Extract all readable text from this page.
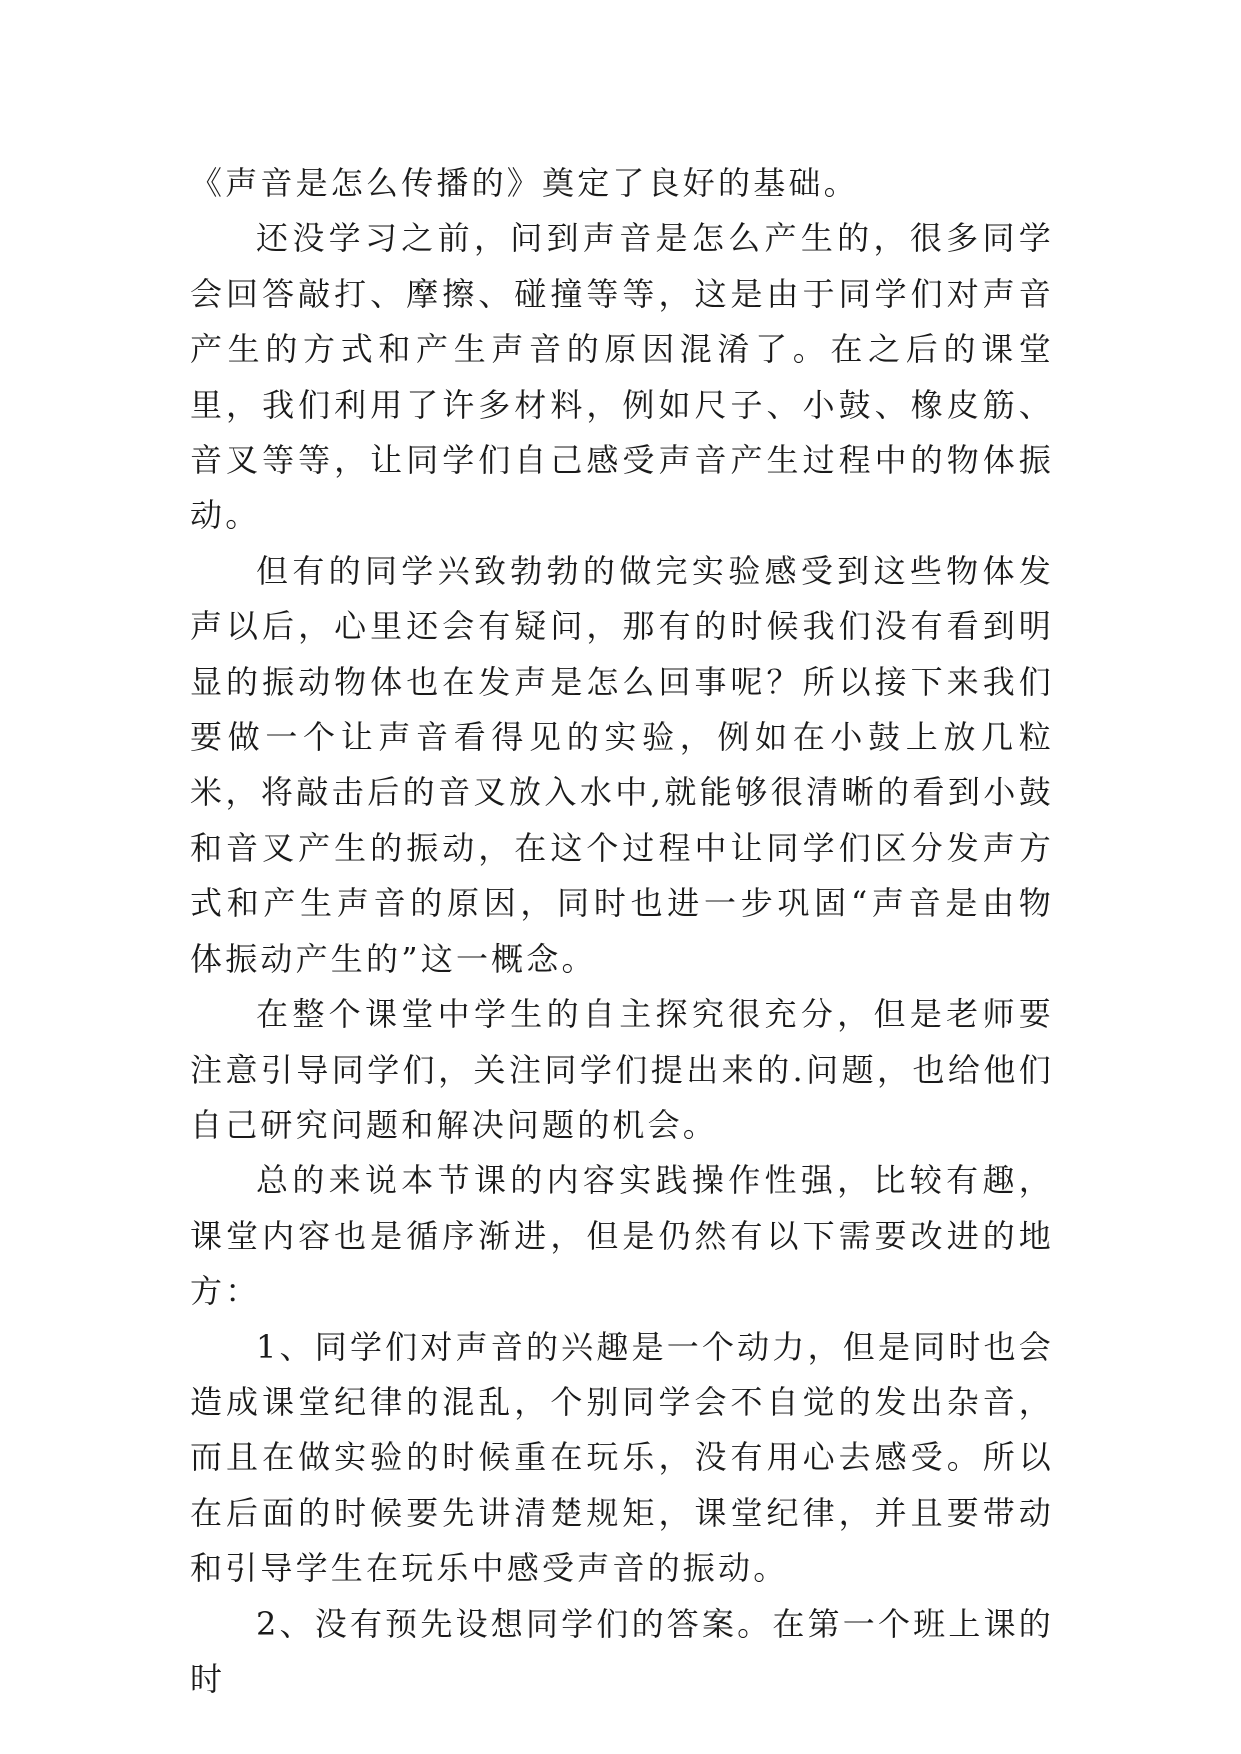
《声音是怎么传播的》奠定了良好的基础。

还没学习之前，问到声音是怎么产生的，很多同学会回答敲打、摩擦、碰撞等等，这是由于同学们对声音产生的方式和产生声音的原因混淆了。在之后的课堂里，我们利用了许多材料，例如尺子、小鼓、橡皮筋、音叉等等，让同学们自己感受声音产生过程中的物体振动。

但有的同学兴致勃勃的做完实验感受到这些物体发声以后，心里还会有疑问，那有的时候我们没有看到明显的振动物体也在发声是怎么回事呢？所以接下来我们要做一个让声音看得见的实验，例如在小鼓上放几粒米，将敲击后的音叉放入水中,就能够很清晰的看到小鼓和音叉产生的振动，在这个过程中让同学们区分发声方式和产生声音的原因，同时也进一步巩固“声音是由物体振动产生的”这一概念。

在整个课堂中学生的自主探究很充分，但是老师要注意引导同学们，关注同学们提出来的.问题，也给他们自己研究问题和解决问题的机会。

总的来说本节课的内容实践操作性强，比较有趣，课堂内容也是循序渐进，但是仍然有以下需要改进的地方：

1、同学们对声音的兴趣是一个动力，但是同时也会造成课堂纪律的混乱，个别同学会不自觉的发出杂音，而且在做实验的时候重在玩乐，没有用心去感受。所以在后面的时候要先讲清楚规矩，课堂纪律，并且要带动和引导学生在玩乐中感受声音的振动。

2、没有预先设想同学们的答案。在第一个班上课的时
